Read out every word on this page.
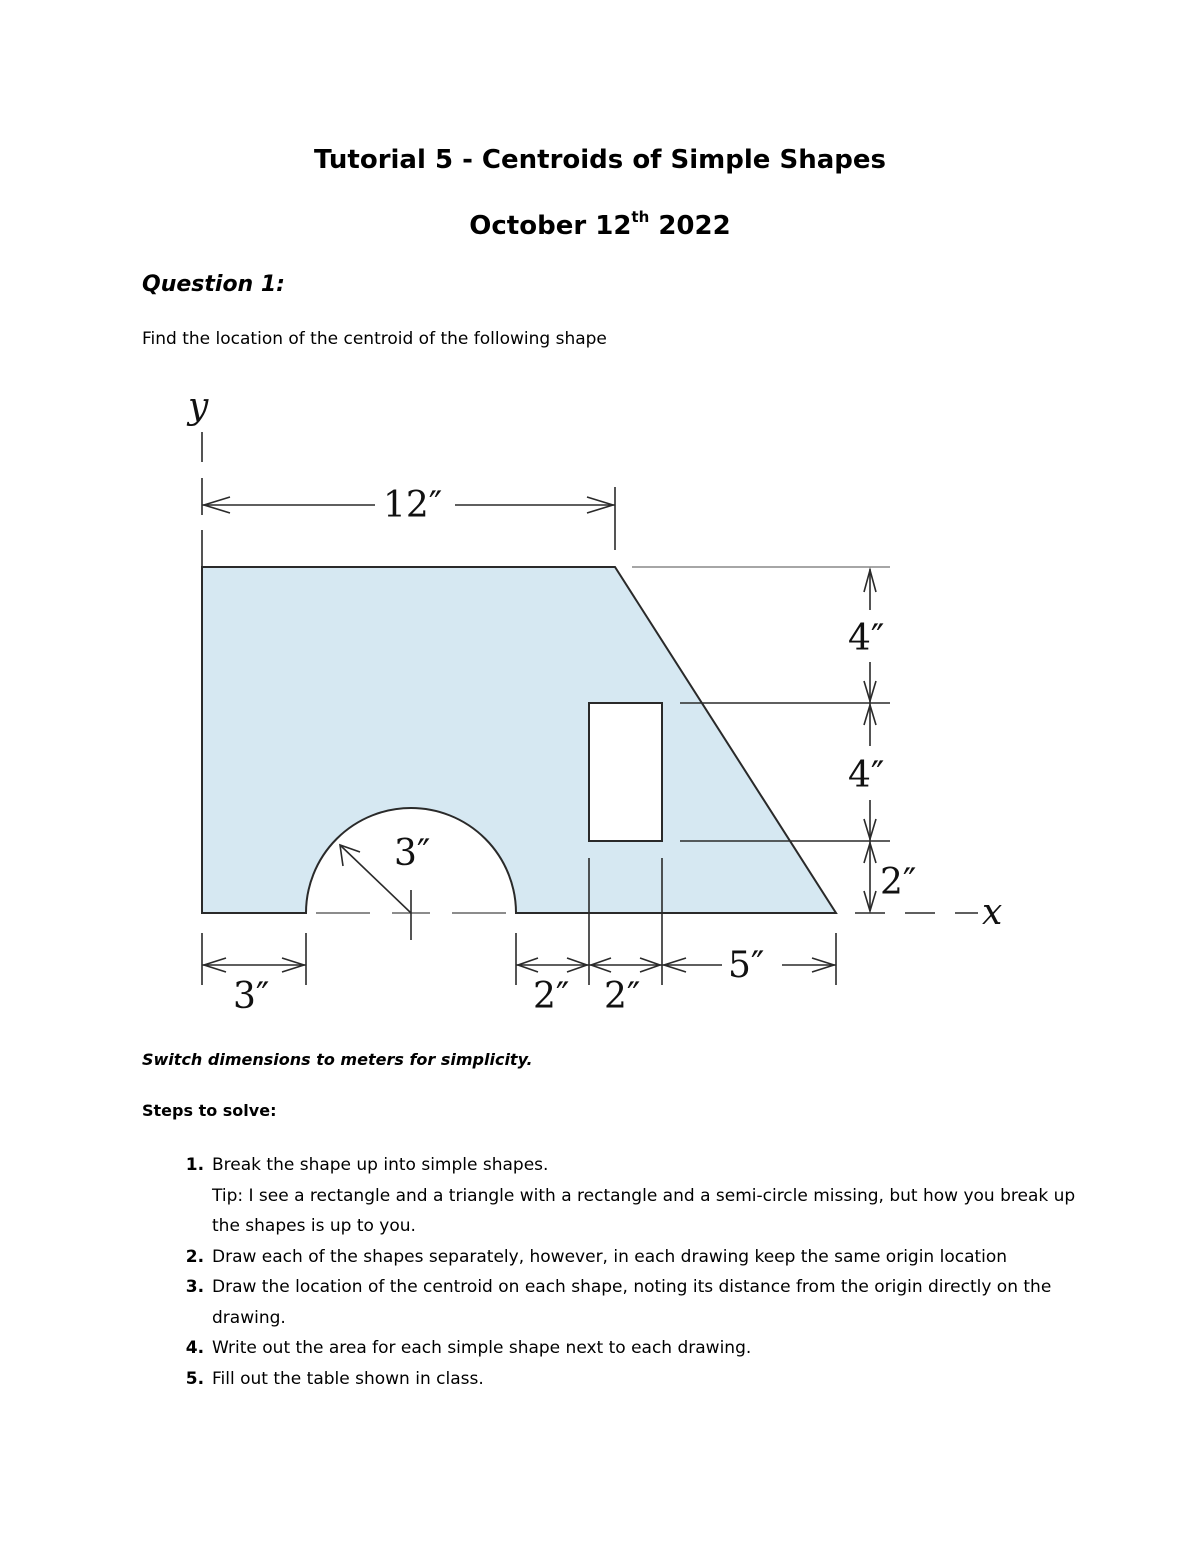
Tutorial 5 - Centroids of Simple Shapes
October 12th 2022
Question 1:
Find the location of the centroid of the following shape
y
x
12″
4″
4″
2″
3″
3″	2″ 2″
5″
Switch dimensions to meters for simplicity.
Steps to solve:
1. Break the shape up into simple shapes.
Tip: I see a rectangle and a triangle with a rectangle and a semi-circle missing, but how you break up the shapes is up to you.
2. Draw each of the shapes separately, however, in each drawing keep the same origin location
3. Draw the location of the centroid on each shape, noting its distance from the origin directly on the drawing.
4. Write out the area for each simple shape next to each drawing.
5. Fill out the table shown in class.
